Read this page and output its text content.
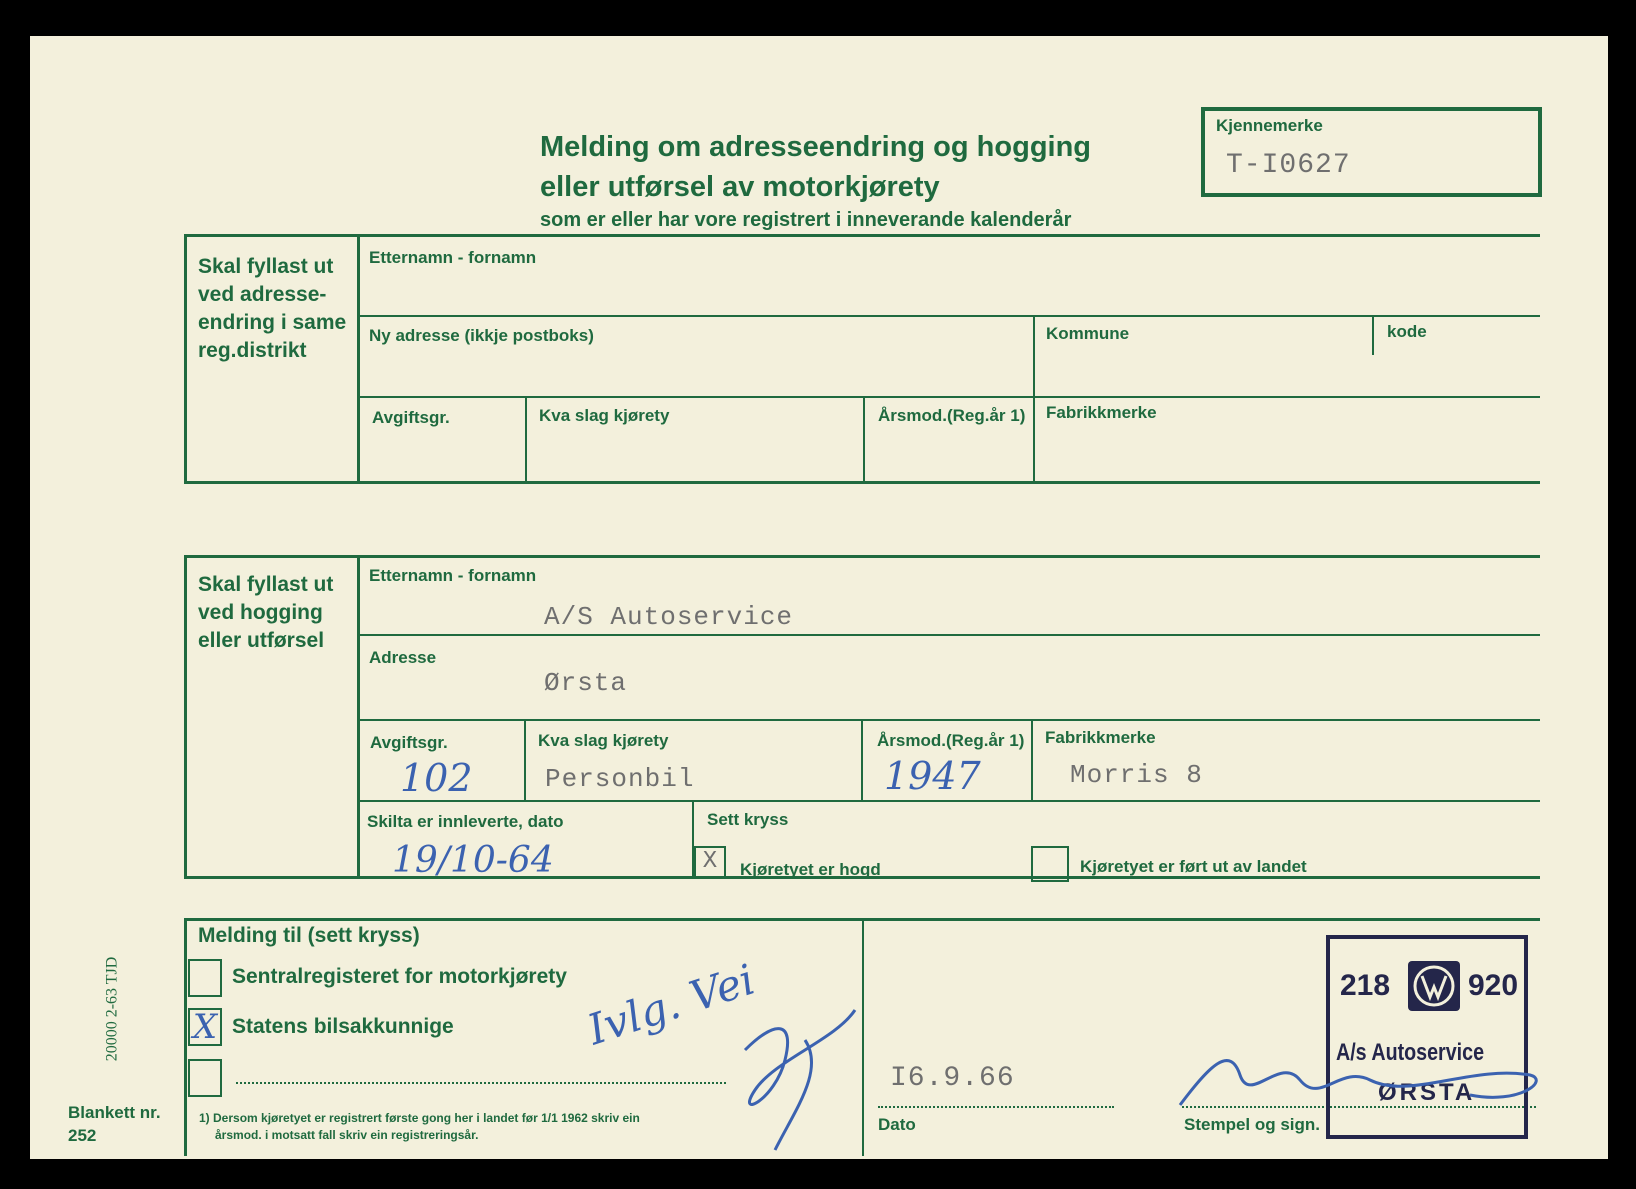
Melding om adresseendring og hogging
eller utførsel av motorkjørety
som er eller har vore registrert i inneverande kalenderår
Kjennemerke
T-I0627
Skal fyllast ut
ved adresse-
endring i same
reg.distrikt
Etternamn - fornamn
Ny adresse (ikkje postboks)	Kommune	kode
Avgiftsgr.	Kva slag kjørety	Årsmod.(Reg.år 1) Fabrikkmerke
Skal fyllast ut
ved hogging
eller utførsel
Etternamn - fornamn
A/S Autoservice
Adresse
Ørsta
Avgiftsgr.
102
Kva slag kjørety
Personbil
Årsmod.(Reg.år 1)
1947
Fabrikkmerke
Morris 8
Skilta er innleverte, dato
19/10-64
Sett kryss
X	Kjøretyet er hogd	Kjøretyet er ført ut av landet
20000 2-63 TJD
Melding til (sett kryss)
Sentralregisteret for motorkjørety
X Statens bilsakkunnige
1) Dersom kjøretyet er registrert første gong her i landet før 1/1 1962 skriv ein
årsmod. i motsatt fall skriv ein registreringsår.
Blankett nr.
252
Ivlg. Vei
I6.9.66
Dato	Stempel og sign.
218	920
A/s Autoservice
ØRSTA
